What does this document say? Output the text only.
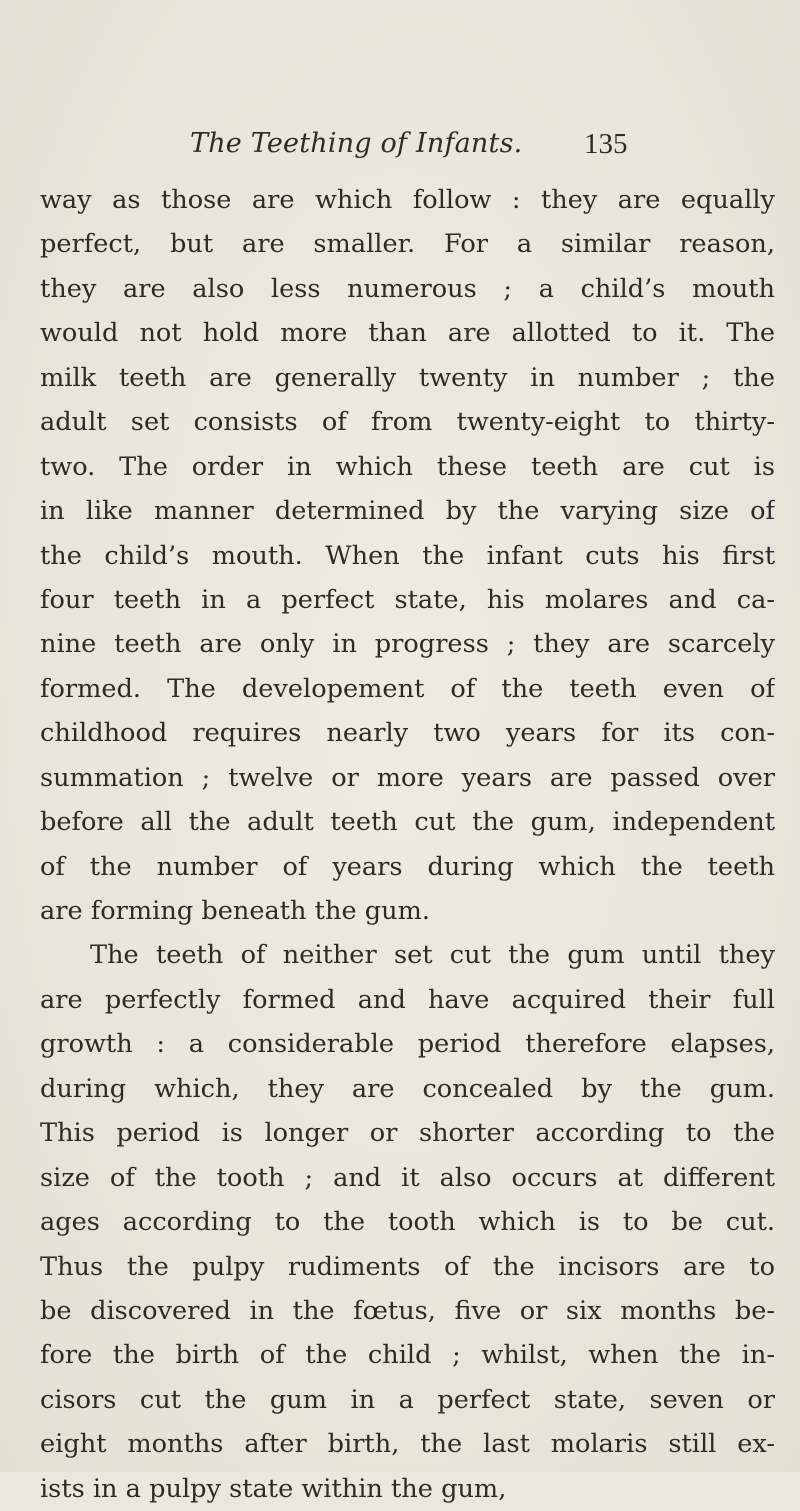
The Teething of Infants. 135
way as those are which follow : they are equally
perfect, but are smaller. For a similar reason,
they are also less numerous ; a child’s mouth
would not hold more than are allotted to it. The
milk teeth are generally twenty in number ; the
adult set consists of from twenty-eight to thirty-
two. The order in which these teeth are cut is
in like manner determined by the varying size of
the child’s mouth. When the infant cuts his first
four teeth in a perfect state, his molares and ca-
nine teeth are only in progress ; they are scarcely
formed. The developement of the teeth even of
childhood requires nearly two years for its con-
summation ; twelve or more years are passed over
before all the adult teeth cut the gum, independent
of the number of years during which the teeth
are forming beneath the gum.
The teeth of neither set cut the gum until they
are perfectly formed and have acquired their full
growth : a considerable period therefore elapses,
during which, they are concealed by the gum.
This period is longer or shorter according to the
size of the tooth ; and it also occurs at different
ages according to the tooth which is to be cut.
Thus the pulpy rudiments of the incisors are to
be discovered in the fœtus, five or six months be-
fore the birth of the child ; whilst, when the in-
cisors cut the gum in a perfect state, seven or
eight months after birth, the last molaris still ex-
ists in a pulpy state within the gum,
